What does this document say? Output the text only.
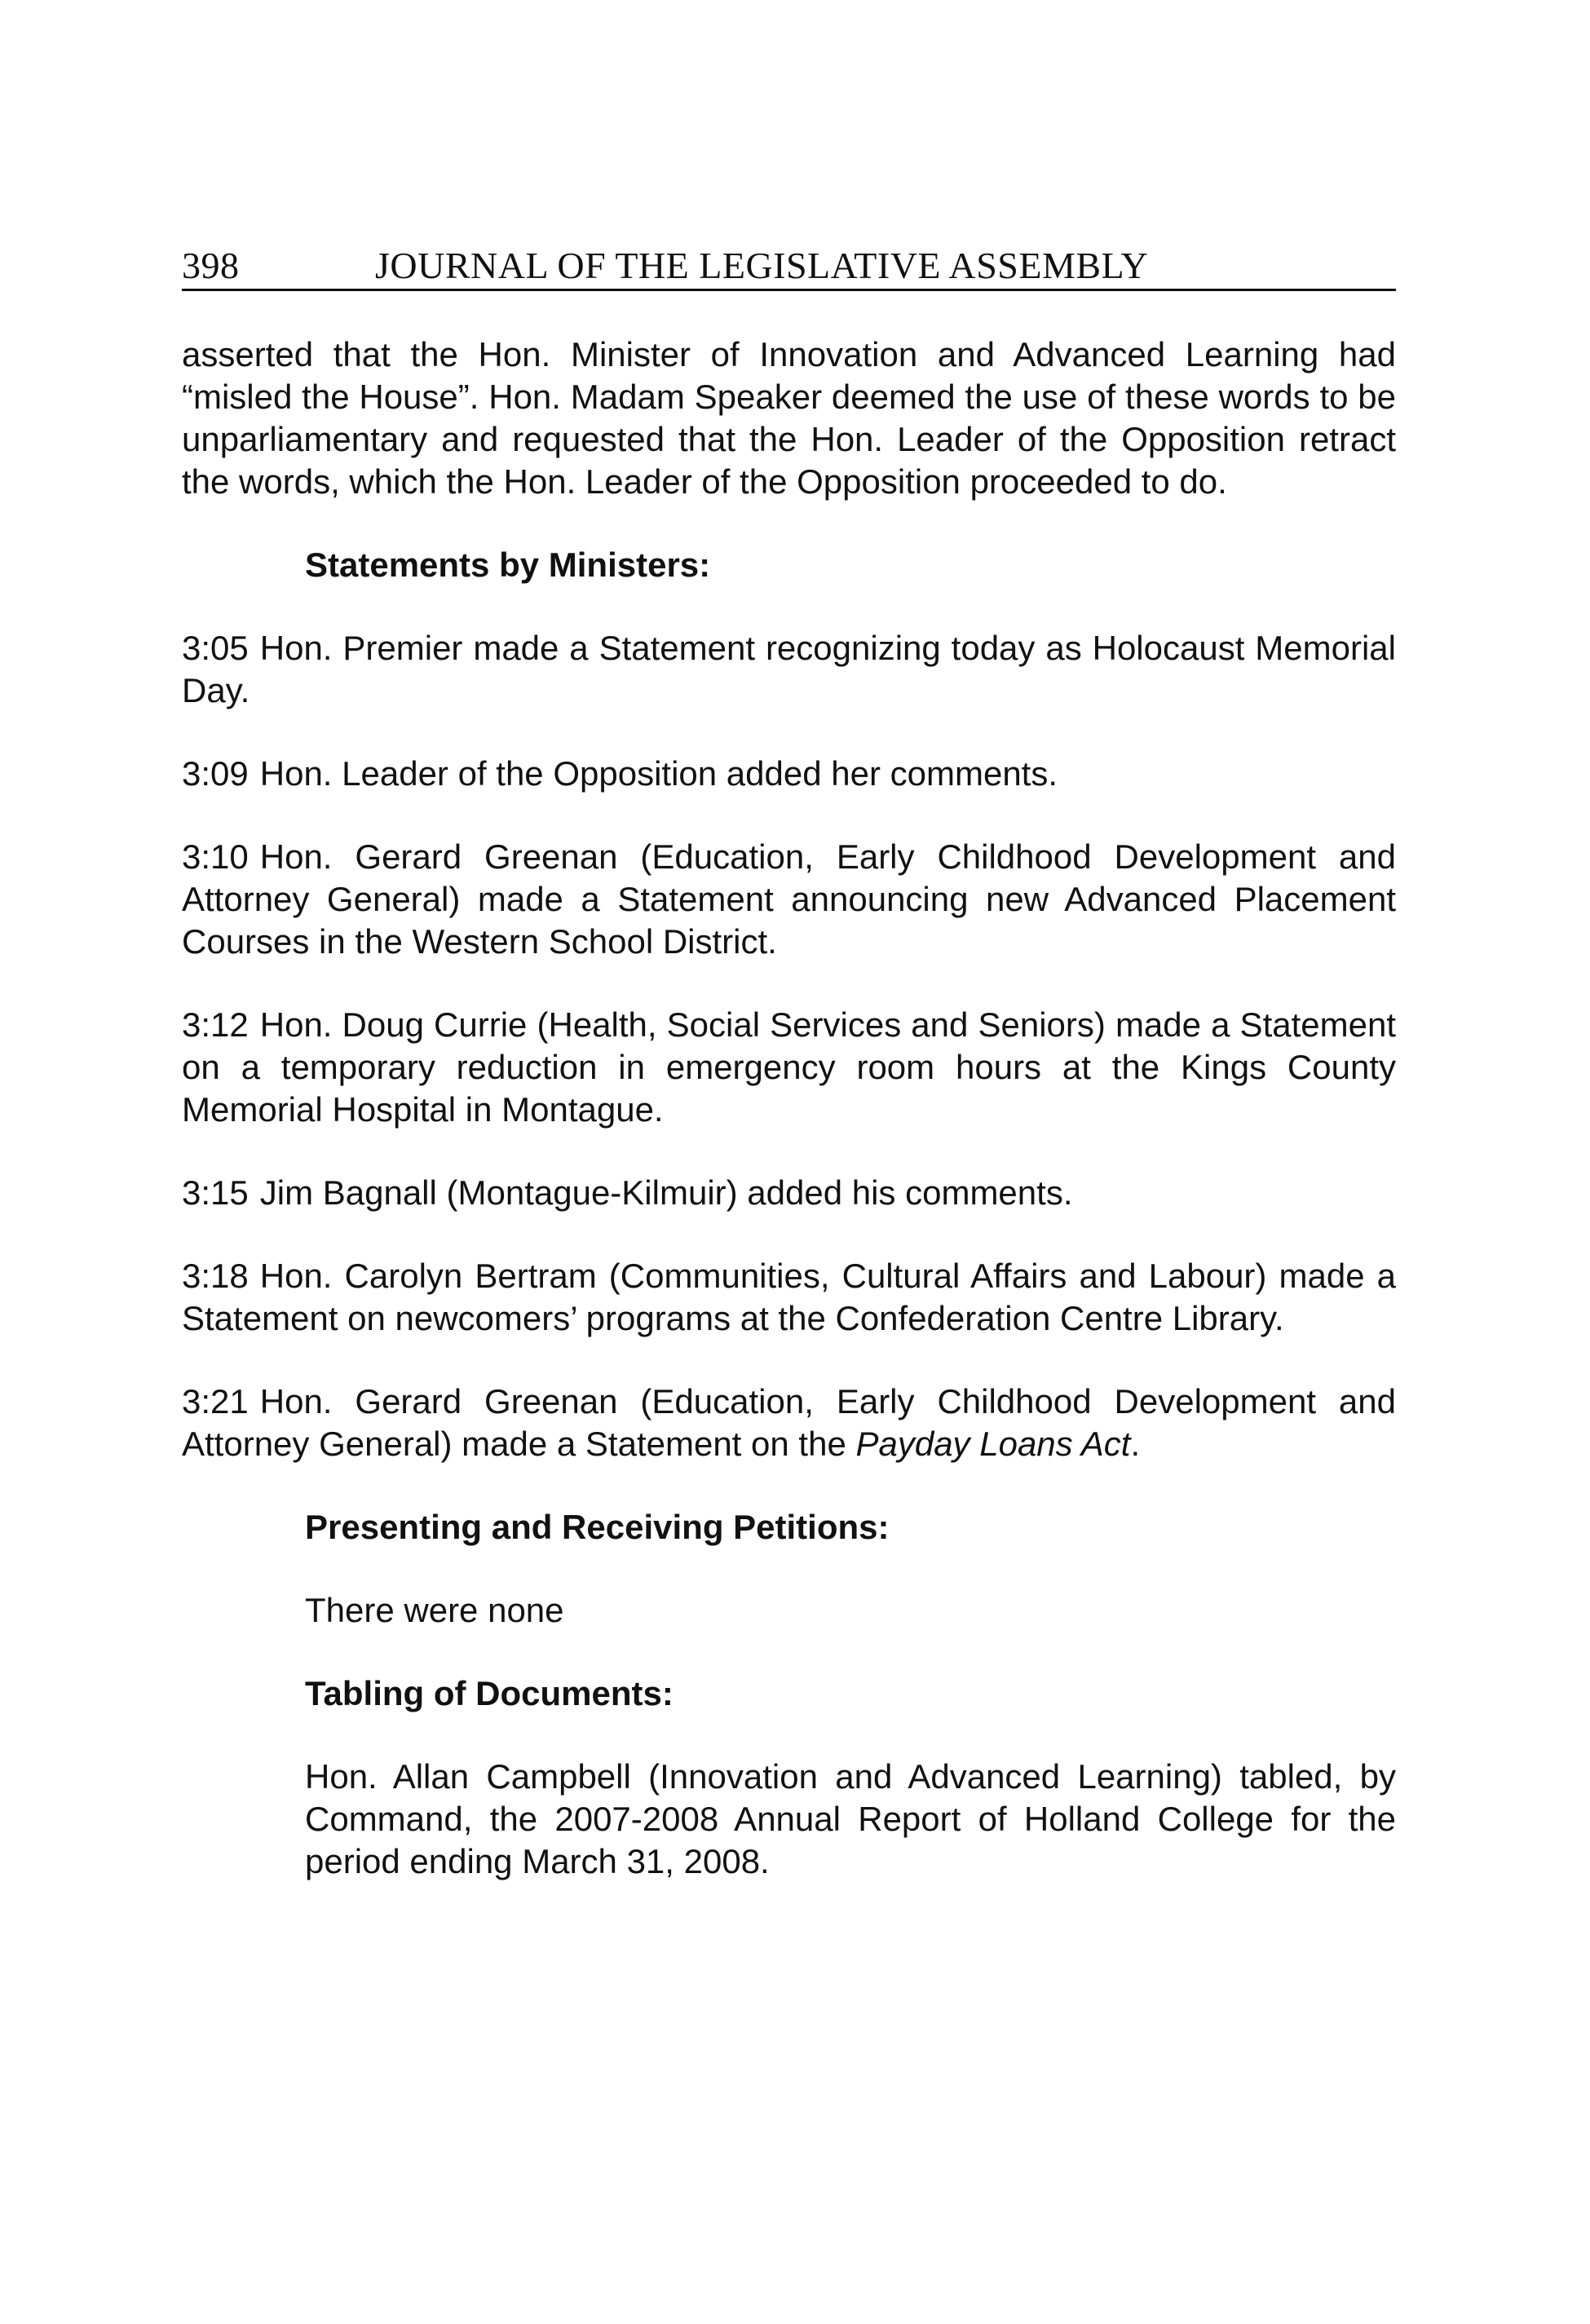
398	JOURNAL OF THE LEGISLATIVE ASSEMBLY

asserted that the Hon. Minister of Innovation and Advanced Learning had “misled the House”. Hon. Madam Speaker deemed the use of these words to be unparliamentary and requested that the Hon. Leader of the Opposition retract the words, which the Hon. Leader of the Opposition proceeded to do.

Statements by Ministers:

3:05 Hon. Premier made a Statement recognizing today as Holocaust Memorial Day.

3:09 Hon. Leader of the Opposition added her comments.

3:10 Hon. Gerard Greenan (Education, Early Childhood Development and Attorney General) made a Statement announcing new Advanced Placement Courses in the Western School District.

3:12 Hon. Doug Currie (Health, Social Services and Seniors) made a Statement on a temporary reduction in emergency room hours at the Kings County Memorial Hospital in Montague.

3:15 Jim Bagnall (Montague-Kilmuir) added his comments.

3:18 Hon. Carolyn Bertram (Communities, Cultural Affairs and Labour) made a Statement on newcomers’ programs at the Confederation Centre Library.

3:21 Hon. Gerard Greenan (Education, Early Childhood Development and Attorney General) made a Statement on the Payday Loans Act.

Presenting and Receiving Petitions:

There were none

Tabling of Documents:

Hon. Allan Campbell (Innovation and Advanced Learning) tabled, by Command, the 2007-2008 Annual Report of Holland College for the period ending March 31, 2008.
